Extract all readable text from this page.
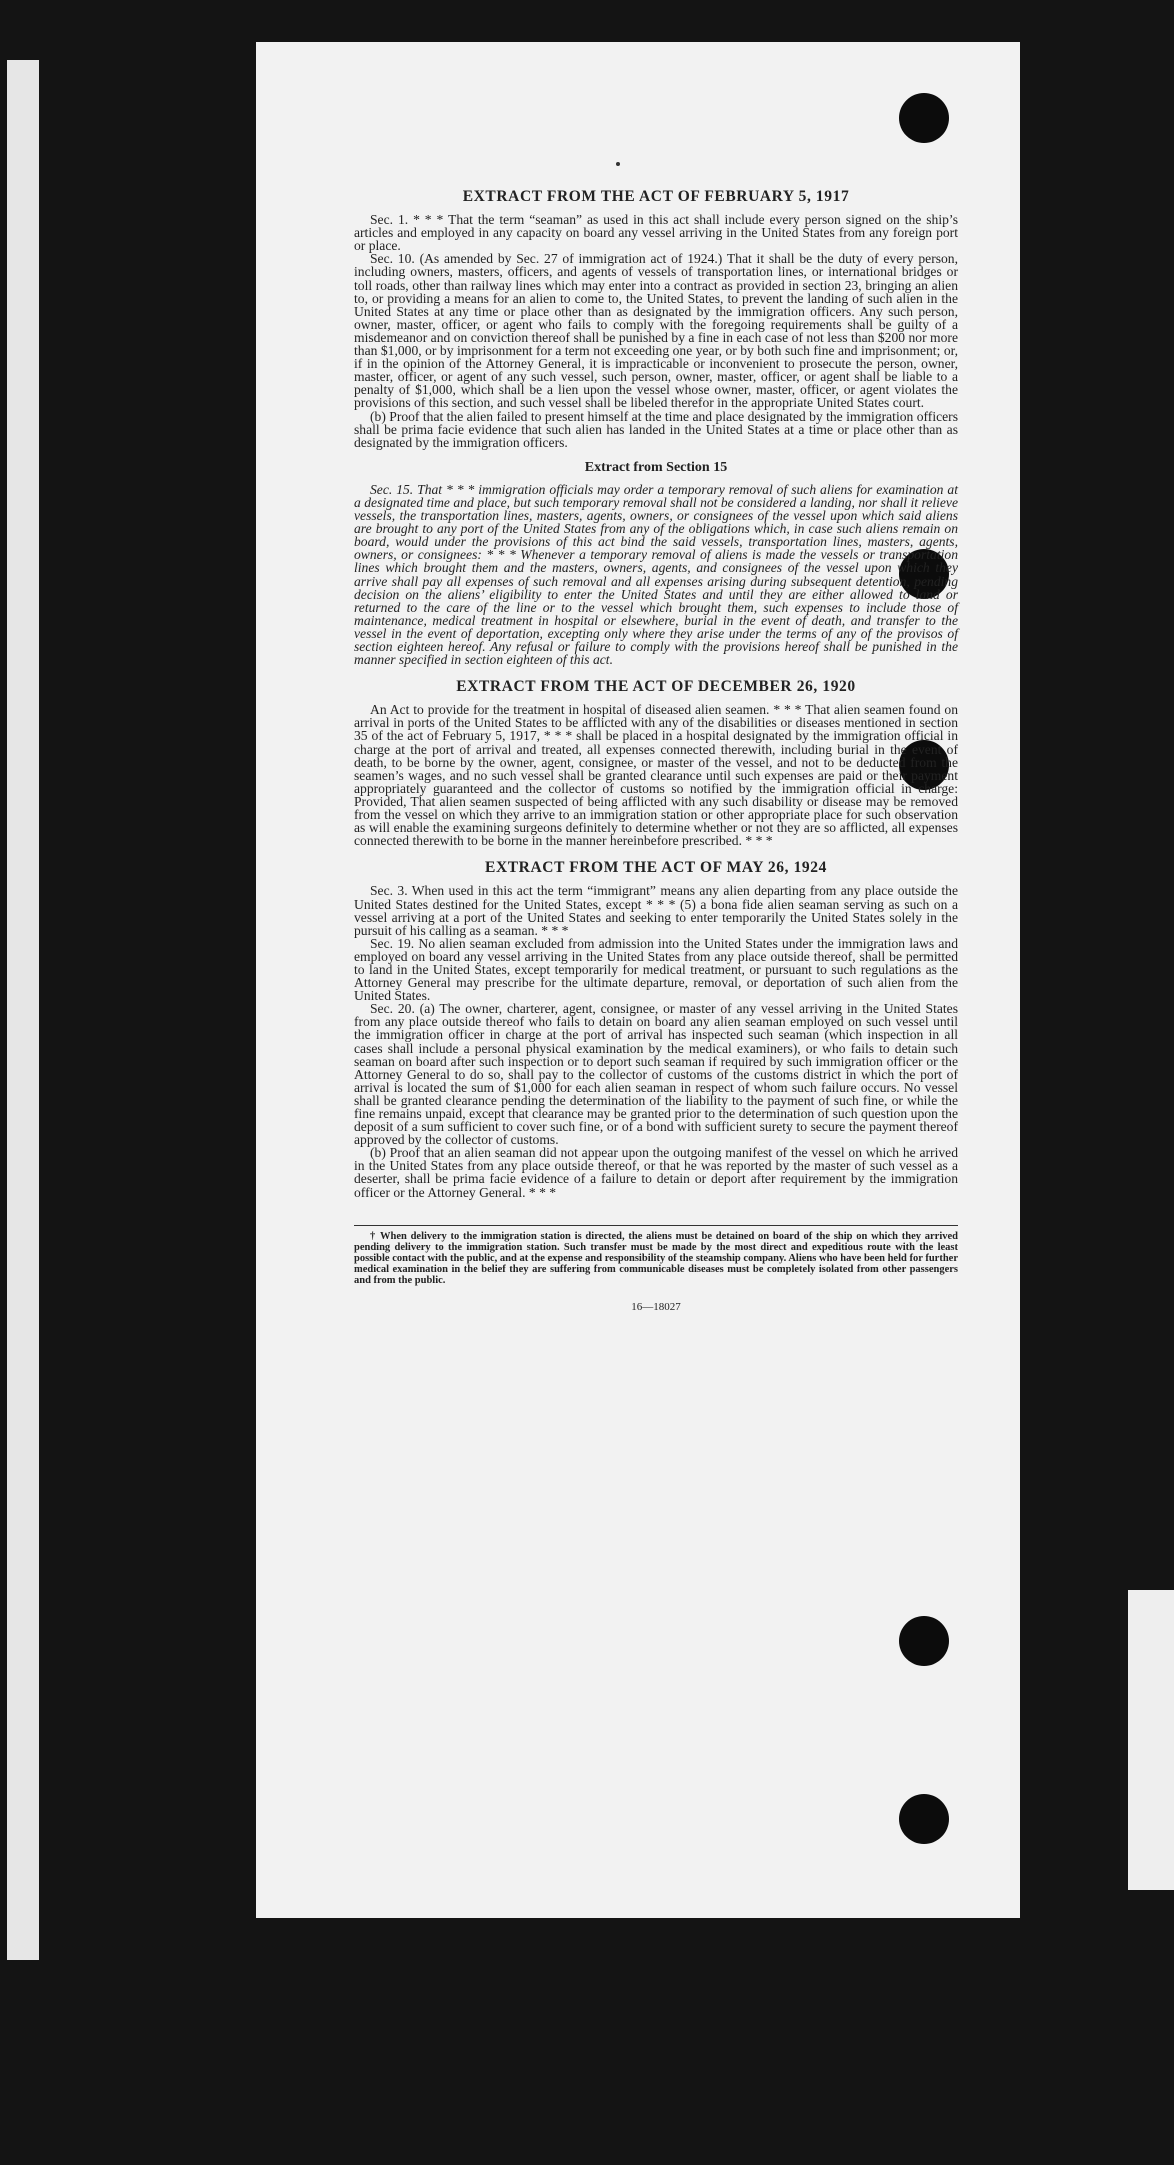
EXTRACT FROM THE ACT OF FEBRUARY 5, 1917

Sec. 1. * * * That the term “seaman” as used in this act shall include every person signed on the ship’s articles and employed in any capacity on board any vessel arriving in the United States from any foreign port or place.

Sec. 10. (As amended by Sec. 27 of immigration act of 1924.) That it shall be the duty of every person, including owners, masters, officers, and agents of vessels of transportation lines, or international bridges or toll roads, other than railway lines which may enter into a contract as provided in section 23, bringing an alien to, or providing a means for an alien to come to, the United States, to prevent the landing of such alien in the United States at any time or place other than as designated by the immigration officers. Any such person, owner, master, officer, or agent who fails to comply with the foregoing requirements shall be guilty of a misdemeanor and on conviction thereof shall be punished by a fine in each case of not less than $200 nor more than $1,000, or by imprisonment for a term not exceeding one year, or by both such fine and imprisonment; or, if in the opinion of the Attorney General, it is impracticable or inconvenient to prosecute the person, owner, master, officer, or agent of any such vessel, such person, owner, master, officer, or agent shall be liable to a penalty of $1,000, which shall be a lien upon the vessel whose owner, master, officer, or agent violates the provisions of this section, and such vessel shall be libeled therefor in the appropriate United States court.

(b) Proof that the alien failed to present himself at the time and place designated by the immigration officers shall be prima facie evidence that such alien has landed in the United States at a time or place other than as designated by the immigration officers.

Extract from Section 15

Sec. 15. That * * * immigration officials may order a temporary removal of such aliens for examination at a designated time and place, but such temporary removal shall not be considered a landing, nor shall it relieve vessels, the transportation lines, masters, agents, owners, or consignees of the vessel upon which said aliens are brought to any port of the United States from any of the obligations which, in case such aliens remain on board, would under the provisions of this act bind the said vessels, transportation lines, masters, agents, owners, or consignees: * * * Whenever a temporary removal of aliens is made the vessels or transportation lines which brought them and the masters, owners, agents, and consignees of the vessel upon which they arrive shall pay all expenses of such removal and all expenses arising during subsequent detention, pending decision on the aliens’ eligibility to enter the United States and until they are either allowed to land or returned to the care of the line or to the vessel which brought them, such expenses to include those of maintenance, medical treatment in hospital or elsewhere, burial in the event of death, and transfer to the vessel in the event of deportation, excepting only where they arise under the terms of any of the provisos of section eighteen hereof. Any refusal or failure to comply with the provisions hereof shall be punished in the manner specified in section eighteen of this act.

EXTRACT FROM THE ACT OF DECEMBER 26, 1920

An Act to provide for the treatment in hospital of diseased alien seamen. * * * That alien seamen found on arrival in ports of the United States to be afflicted with any of the disabilities or diseases mentioned in section 35 of the act of February 5, 1917, * * * shall be placed in a hospital designated by the immigration official in charge at the port of arrival and treated, all expenses connected therewith, including burial in the event of death, to be borne by the owner, agent, consignee, or master of the vessel, and not to be deducted from the seamen’s wages, and no such vessel shall be granted clearance until such expenses are paid or their payment appropriately guaranteed and the collector of customs so notified by the immigration official in charge: Provided, That alien seamen suspected of being afflicted with any such disability or disease may be removed from the vessel on which they arrive to an immigration station or other appropriate place for such observation as will enable the examining surgeons definitely to determine whether or not they are so afflicted, all expenses connected therewith to be borne in the manner hereinbefore prescribed. * * *

EXTRACT FROM THE ACT OF MAY 26, 1924

Sec. 3. When used in this act the term “immigrant” means any alien departing from any place outside the United States destined for the United States, except * * * (5) a bona fide alien seaman serving as such on a vessel arriving at a port of the United States and seeking to enter temporarily the United States solely in the pursuit of his calling as a seaman. * * *

Sec. 19. No alien seaman excluded from admission into the United States under the immigration laws and employed on board any vessel arriving in the United States from any place outside thereof, shall be permitted to land in the United States, except temporarily for medical treatment, or pursuant to such regulations as the Attorney General may prescribe for the ultimate departure, removal, or deportation of such alien from the United States.

Sec. 20. (a) The owner, charterer, agent, consignee, or master of any vessel arriving in the United States from any place outside thereof who fails to detain on board any alien seaman employed on such vessel until the immigration officer in charge at the port of arrival has inspected such seaman (which inspection in all cases shall include a personal physical examination by the medical examiners), or who fails to detain such seaman on board after such inspection or to deport such seaman if required by such immigration officer or the Attorney General to do so, shall pay to the collector of customs of the customs district in which the port of arrival is located the sum of $1,000 for each alien seaman in respect of whom such failure occurs. No vessel shall be granted clearance pending the determination of the liability to the payment of such fine, or while the fine remains unpaid, except that clearance may be granted prior to the determination of such question upon the deposit of a sum sufficient to cover such fine, or of a bond with sufficient surety to secure the payment thereof approved by the collector of customs.

(b) Proof that an alien seaman did not appear upon the outgoing manifest of the vessel on which he arrived in the United States from any place outside thereof, or that he was reported by the master of such vessel as a deserter, shall be prima facie evidence of a failure to detain or deport after requirement by the immigration officer or the Attorney General. * * *

† When delivery to the immigration station is directed, the aliens must be detained on board of the ship on which they arrived pending delivery to the immigration station. Such transfer must be made by the most direct and expeditious route with the least possible contact with the public, and at the expense and responsibility of the steamship company. Aliens who have been held for further medical examination in the belief they are suffering from communicable diseases must be completely isolated from other passengers and from the public.

16—18027
